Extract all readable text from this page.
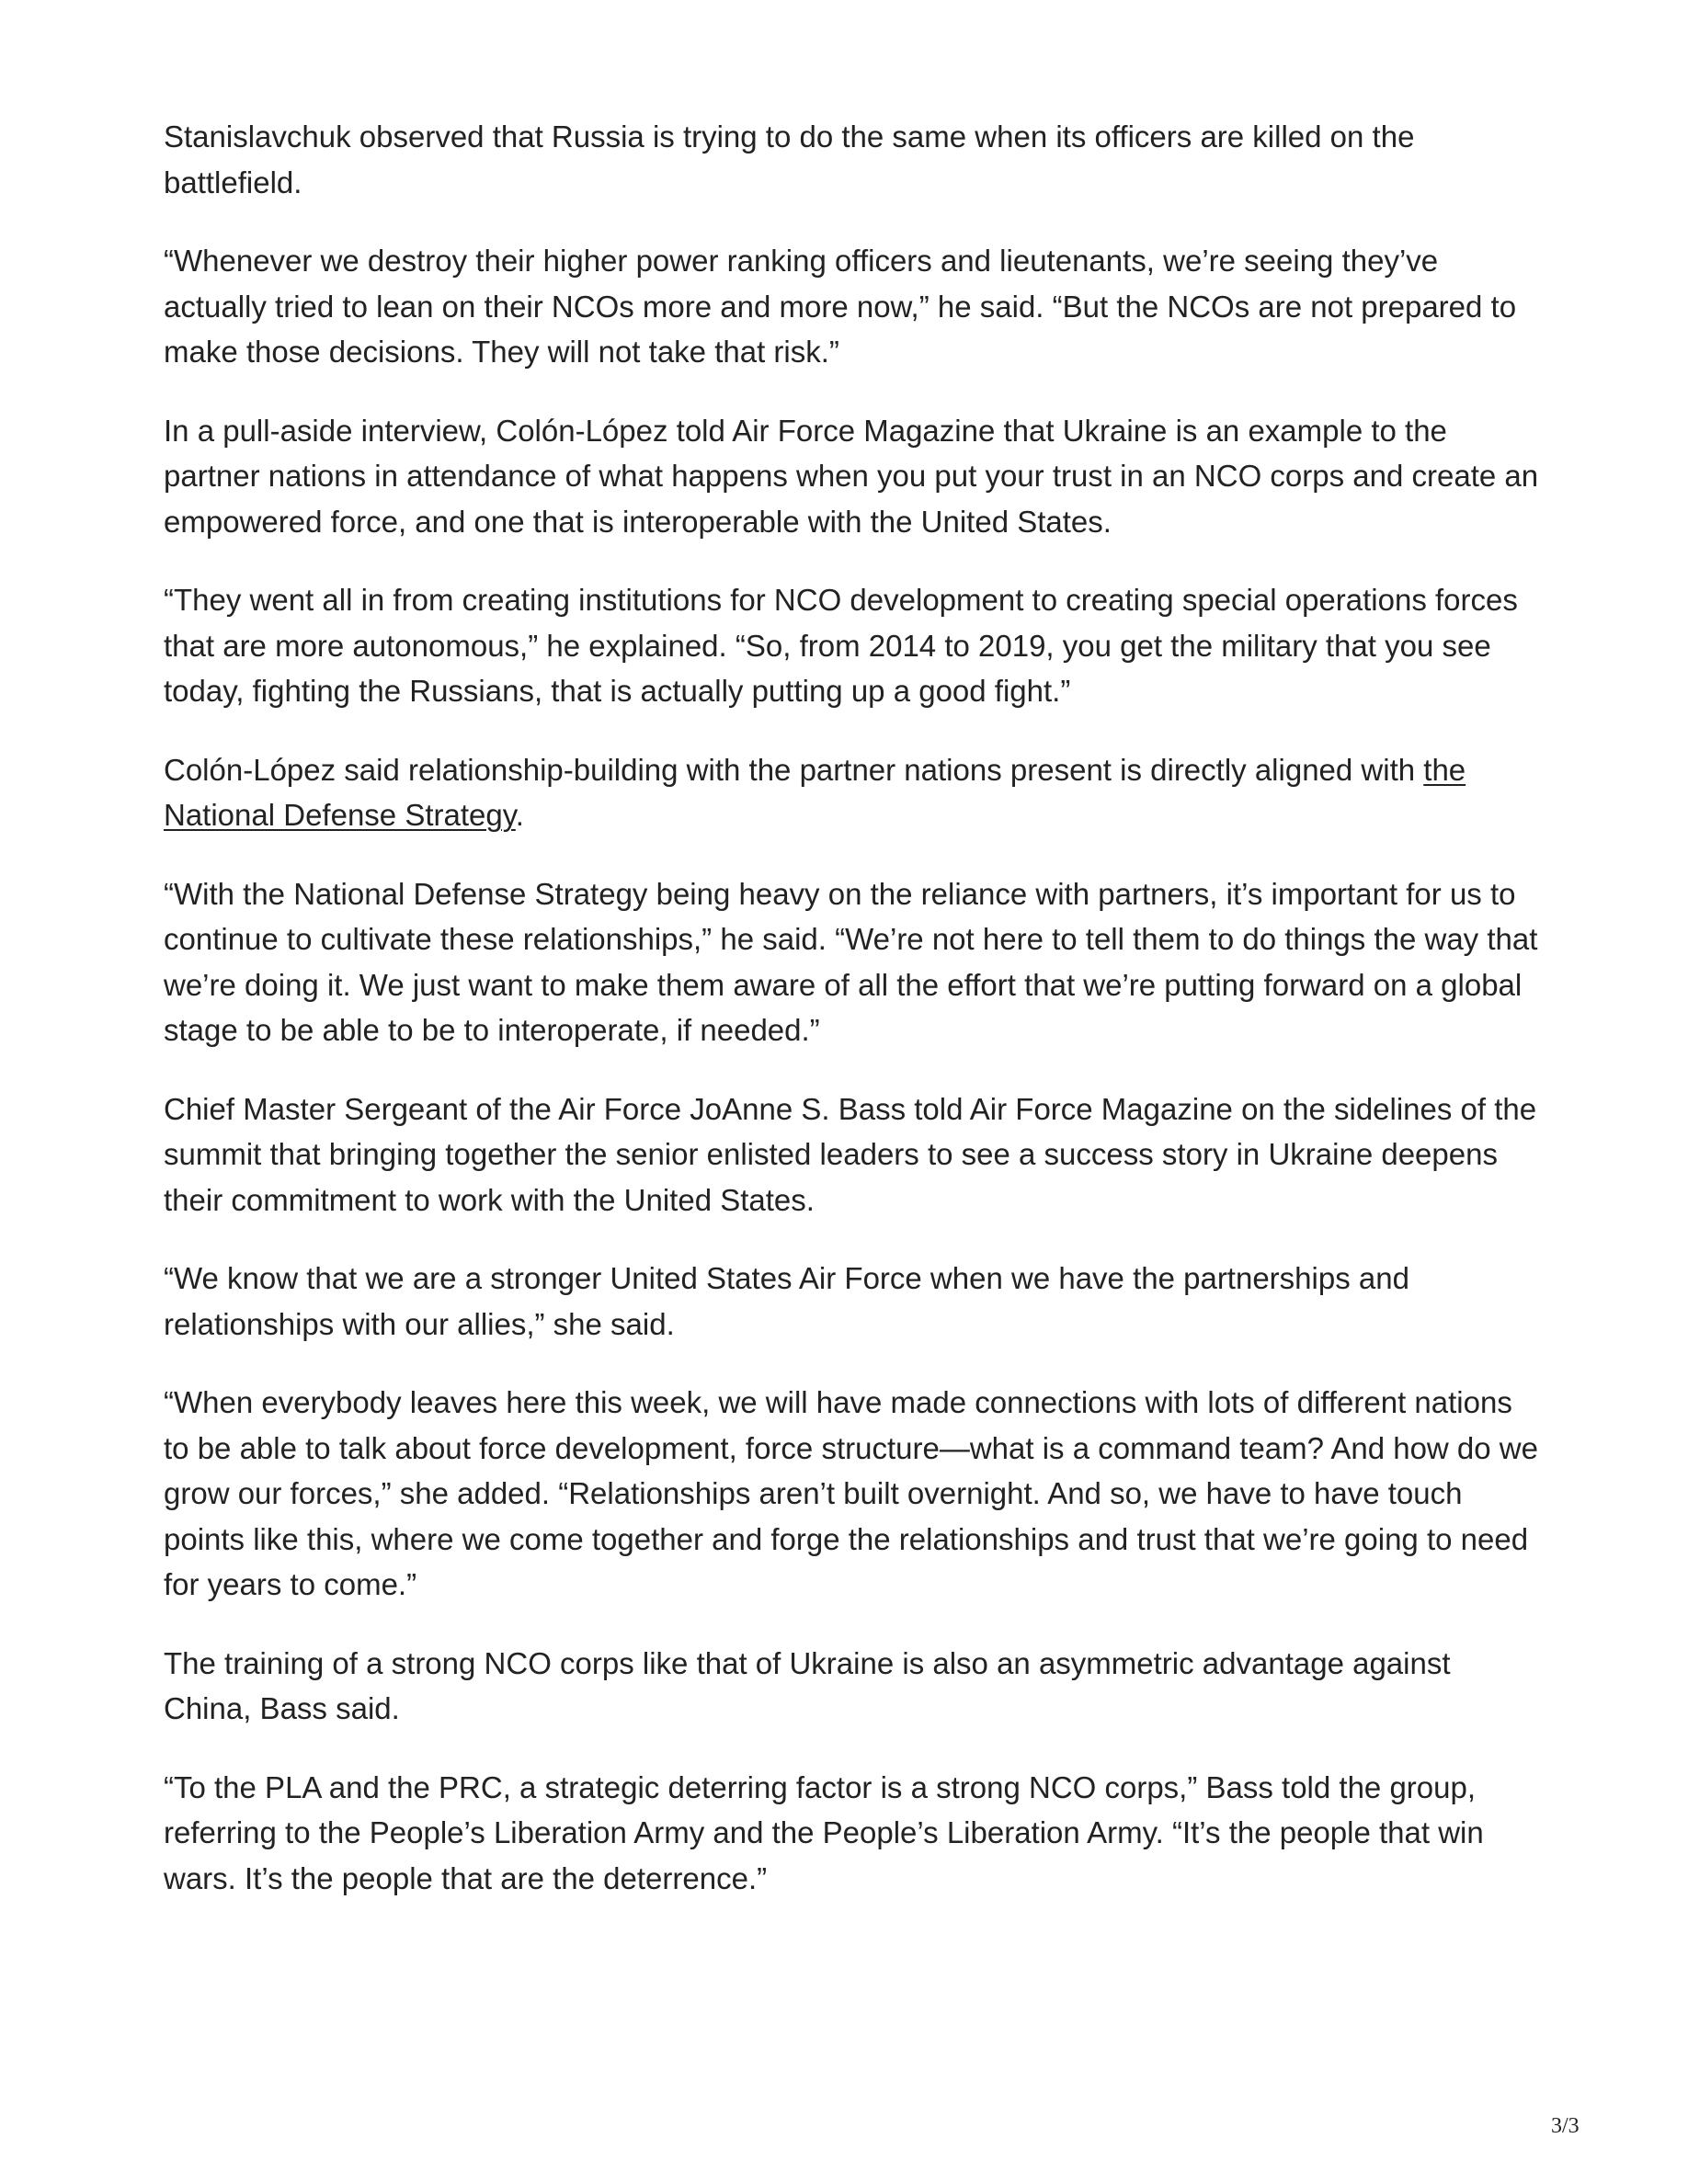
Stanislavchuk observed that Russia is trying to do the same when its officers are killed on the battlefield.

“Whenever we destroy their higher power ranking officers and lieutenants, we’re seeing they’ve actually tried to lean on their NCOs more and more now,” he said. “But the NCOs are not prepared to make those decisions. They will not take that risk.”

In a pull-aside interview, Colón-López told Air Force Magazine that Ukraine is an example to the partner nations in attendance of what happens when you put your trust in an NCO corps and create an empowered force, and one that is interoperable with the United States.

“They went all in from creating institutions for NCO development to creating special operations forces that are more autonomous,” he explained. “So, from 2014 to 2019, you get the military that you see today, fighting the Russians, that is actually putting up a good fight.”

Colón-López said relationship-building with the partner nations present is directly aligned with the National Defense Strategy.

“With the National Defense Strategy being heavy on the reliance with partners, it’s important for us to continue to cultivate these relationships,” he said. “We’re not here to tell them to do things the way that we’re doing it. We just want to make them aware of all the effort that we’re putting forward on a global stage to be able to be to interoperate, if needed.”

Chief Master Sergeant of the Air Force JoAnne S. Bass told Air Force Magazine on the sidelines of the summit that bringing together the senior enlisted leaders to see a success story in Ukraine deepens their commitment to work with the United States.

“We know that we are a stronger United States Air Force when we have the partnerships and relationships with our allies,” she said.

“When everybody leaves here this week, we will have made connections with lots of different nations to be able to talk about force development, force structure—what is a command team? And how do we grow our forces,” she added. “Relationships aren’t built overnight. And so, we have to have touch points like this, where we come together and forge the relationships and trust that we’re going to need for years to come.”

The training of a strong NCO corps like that of Ukraine is also an asymmetric advantage against China, Bass said.

“To the PLA and the PRC, a strategic deterring factor is a strong NCO corps,” Bass told the group, referring to the People’s Liberation Army and the People’s Liberation Army. “It’s the people that win wars. It’s the people that are the deterrence.”

3/3
